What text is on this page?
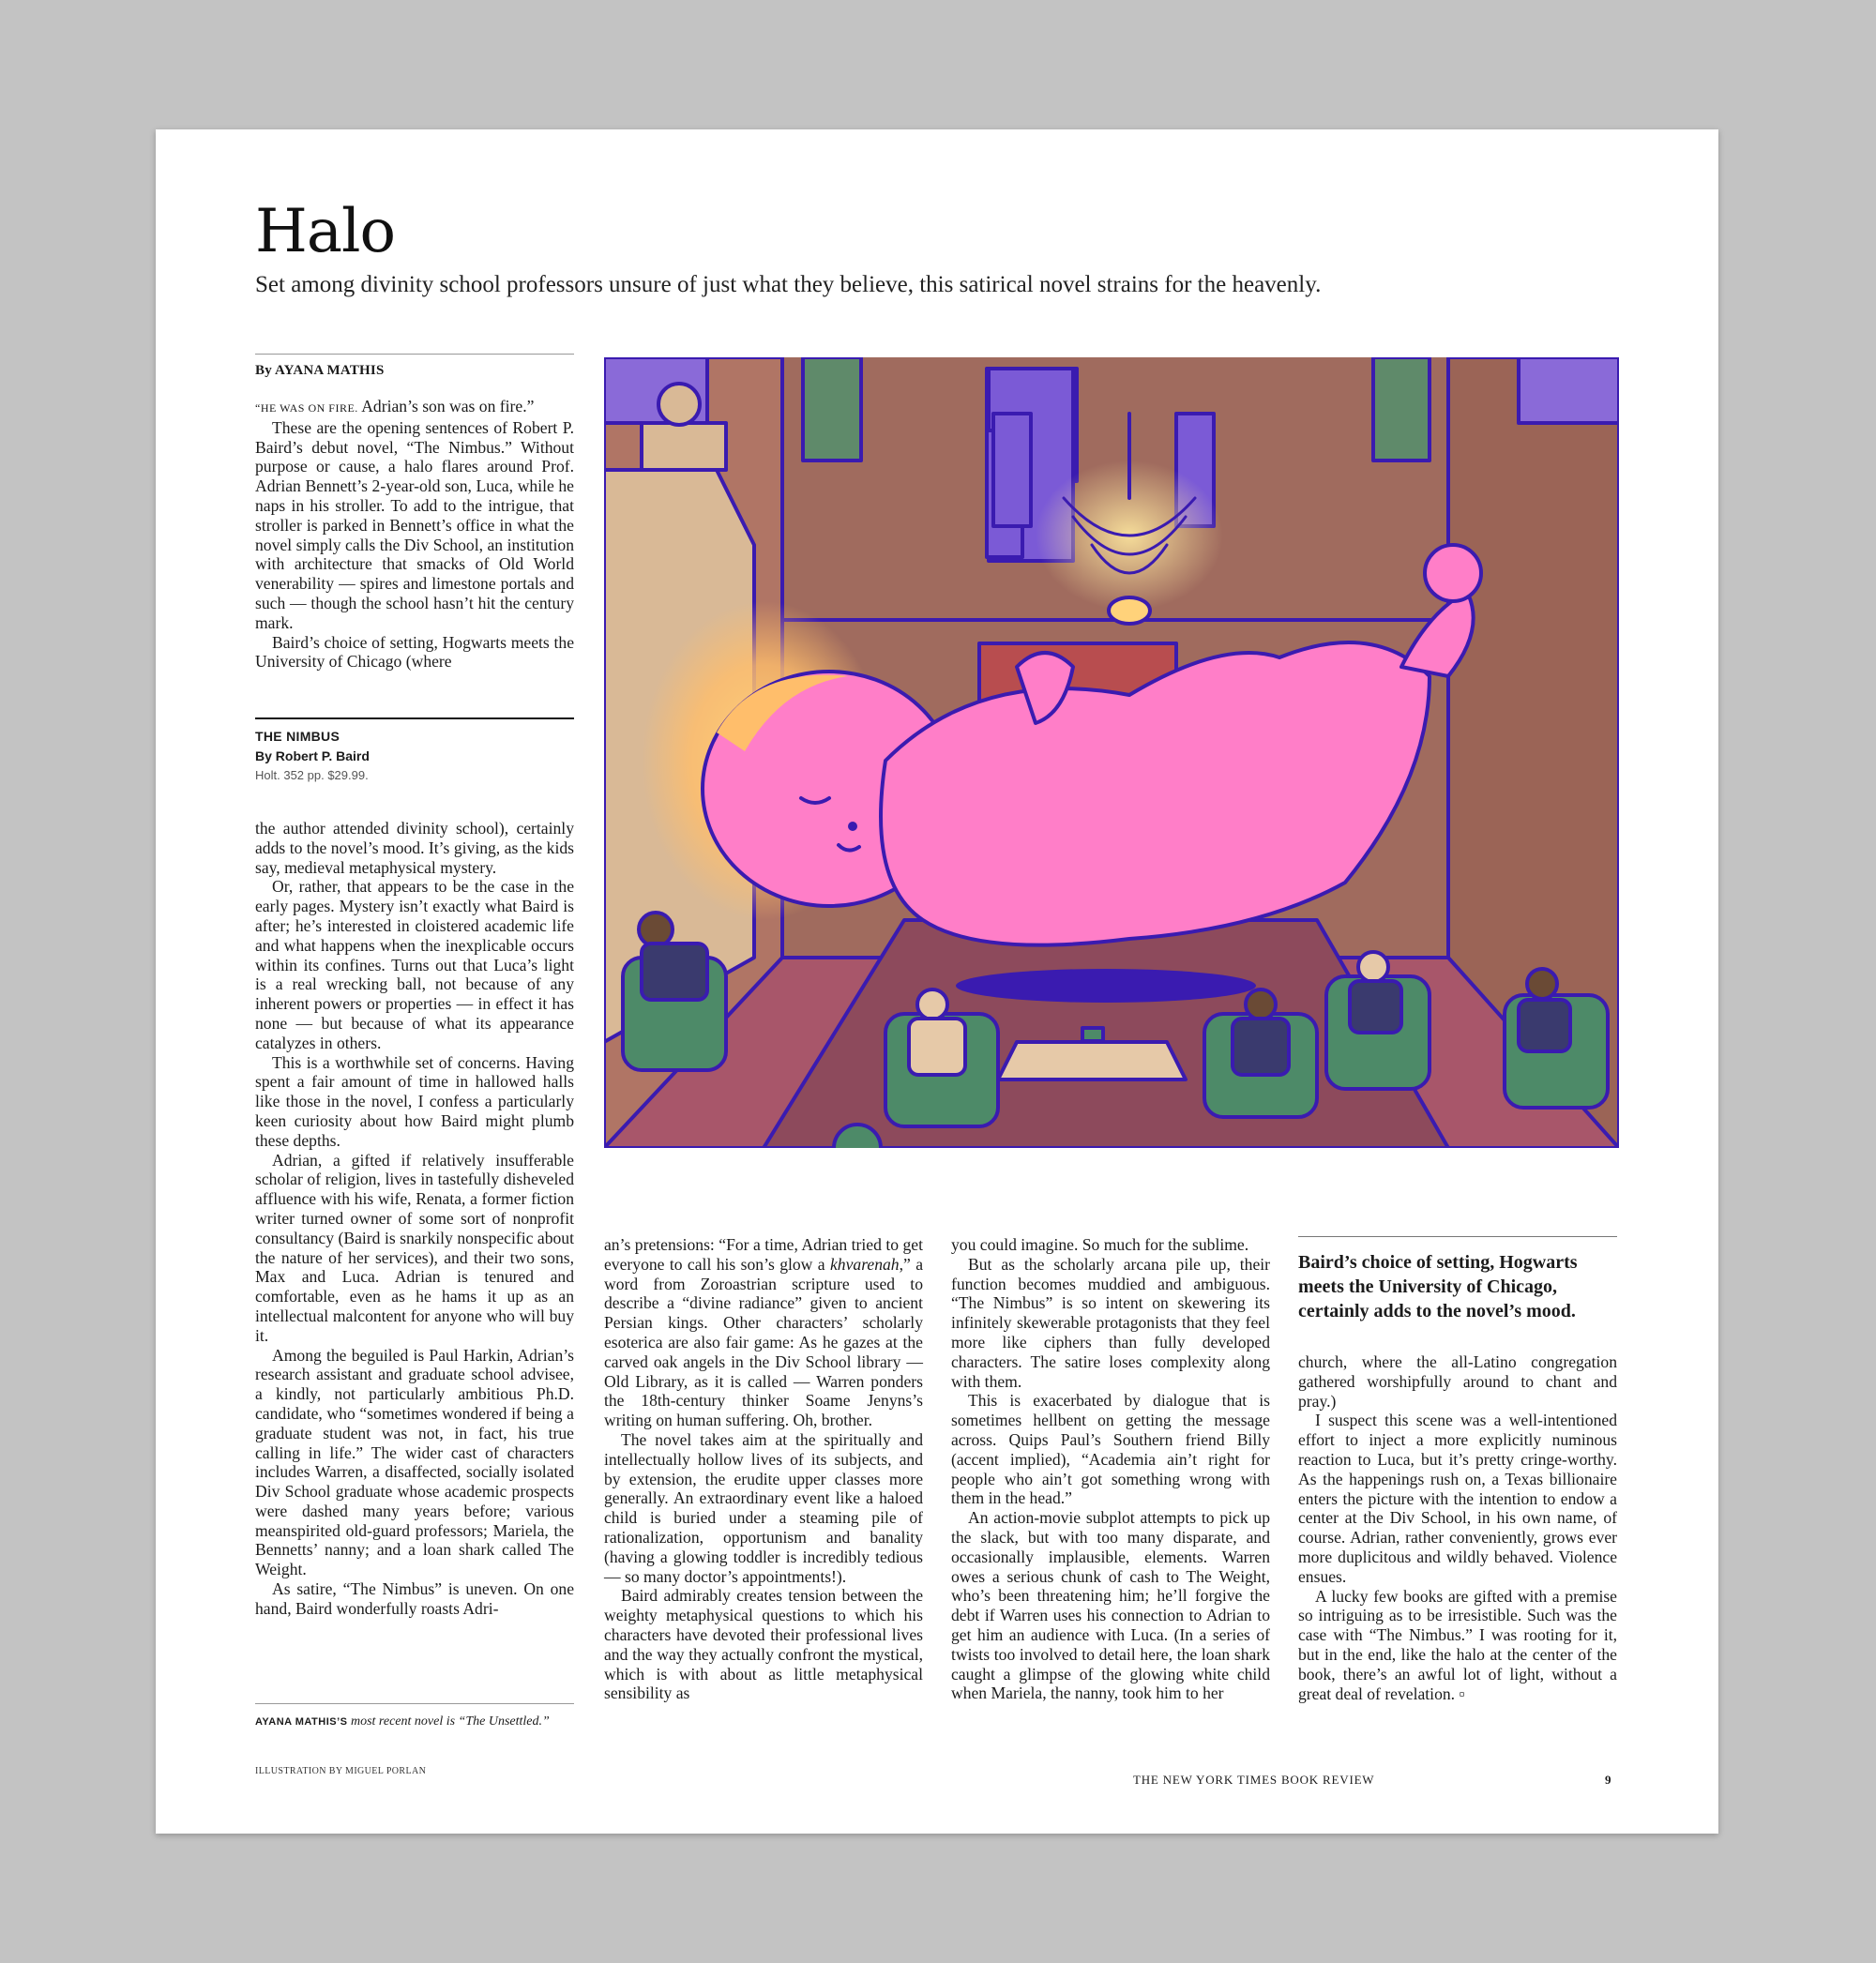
Halo

Set among divinity school professors unsure of just what they believe, this satirical novel strains for the heavenly.

By AYANA MATHIS

“HE WAS ON FIRE. Adrian’s son was on fire.”

These are the opening sentences of Robert P. Baird’s debut novel, “The Nimbus.” Without purpose or cause, a halo flares around Prof. Adrian Bennett’s 2-year-old son, Luca, while he naps in his stroller. To add to the intrigue, that stroller is parked in Bennett’s office in what the novel simply calls the Div School, an institution with architecture that smacks of Old World venerability — spires and limestone portals and such — though the school hasn’t hit the century mark.

Baird’s choice of setting, Hogwarts meets the University of Chicago (where

THE NIMBUS

By Robert P. Baird

Holt. 352 pp. $29.99.

the author attended divinity school), certainly adds to the novel’s mood. It’s giving, as the kids say, medieval metaphysical mystery.

Or, rather, that appears to be the case in the early pages. Mystery isn’t exactly what Baird is after; he’s interested in cloistered academic life and what happens when the inexplicable occurs within its confines. Turns out that Luca’s light is a real wrecking ball, not because of any inherent powers or properties — in effect it has none — but because of what its appearance catalyzes in others.

This is a worthwhile set of concerns. Having spent a fair amount of time in hallowed halls like those in the novel, I confess a particularly keen curiosity about how Baird might plumb these depths.

Adrian, a gifted if relatively insufferable scholar of religion, lives in tastefully disheveled affluence with his wife, Renata, a former fiction writer turned owner of some sort of nonprofit consultancy (Baird is snarkily nonspecific about the nature of her services), and their two sons, Max and Luca. Adrian is tenured and comfortable, even as he hams it up as an intellectual malcontent for anyone who will buy it.

Among the beguiled is Paul Harkin, Adrian’s research assistant and graduate school advisee, a kindly, not particularly ambitious Ph.D. candidate, who “sometimes wondered if being a graduate student was not, in fact, his true calling in life.” The wider cast of characters includes Warren, a disaffected, socially isolated Div School graduate whose academic prospects were dashed many years before; various meanspirited old-guard professors; Mariela, the Bennetts’ nanny; and a loan shark called The Weight.

As satire, “The Nimbus” is uneven. On one hand, Baird wonderfully roasts Adri-

an’s pretensions: “For a time, Adrian tried to get everyone to call his son’s glow a khvarenah,” a word from Zoroastrian scripture used to describe a “divine radiance” given to ancient Persian kings. Other characters’ scholarly esoterica are also fair game: As he gazes at the carved oak angels in the Div School library — Old Library, as it is called — Warren ponders the 18th-century thinker Soame Jenyns’s writing on human suffering. Oh, brother.

The novel takes aim at the spiritually and intellectually hollow lives of its subjects, and by extension, the erudite upper classes more generally. An extraordinary event like a haloed child is buried under a steaming pile of rationalization, opportunism and banality (having a glowing toddler is incredibly tedious — so many doctor’s appointments!).

Baird admirably creates tension between the weighty metaphysical questions to which his characters have devoted their professional lives and the way they actually confront the mystical, which is with about as little metaphysical sensibility as

you could imagine. So much for the sublime.

But as the scholarly arcana pile up, their function becomes muddied and ambiguous. “The Nimbus” is so intent on skewering its infinitely skewerable protagonists that they feel more like ciphers than fully developed characters. The satire loses complexity along with them.

This is exacerbated by dialogue that is sometimes hellbent on getting the message across. Quips Paul’s Southern friend Billy (accent implied), “Academia ain’t right for people who ain’t got something wrong with them in the head.”

An action-movie subplot attempts to pick up the slack, but with too many disparate, and occasionally implausible, elements. Warren owes a serious chunk of cash to The Weight, who’s been threatening him; he’ll forgive the debt if Warren uses his connection to Adrian to get him an audience with Luca. (In a series of twists too involved to detail here, the loan shark caught a glimpse of the glowing white child when Mariela, the nanny, took him to her

Baird’s choice of setting, Hogwarts meets the University of Chicago, certainly adds to the novel’s mood.

church, where the all-Latino congregation gathered worshipfully around to chant and pray.)

I suspect this scene was a well-intentioned effort to inject a more explicitly numinous reaction to Luca, but it’s pretty cringe-worthy. As the happenings rush on, a Texas billionaire enters the picture with the intention to endow a center at the Div School, in his own name, of course. Adrian, rather conveniently, grows ever more duplicitous and wildly behaved. Violence ensues.

A lucky few books are gifted with a premise so intriguing as to be irresistible. Such was the case with “The Nimbus.” I was rooting for it, but in the end, like the halo at the center of the book, there’s an awful lot of light, without a great deal of revelation. ▫

AYANA MATHIS’S most recent novel is “The Unsettled.”

ILLUSTRATION BY MIGUEL PORLAN

THE NEW YORK TIMES BOOK REVIEW	9
